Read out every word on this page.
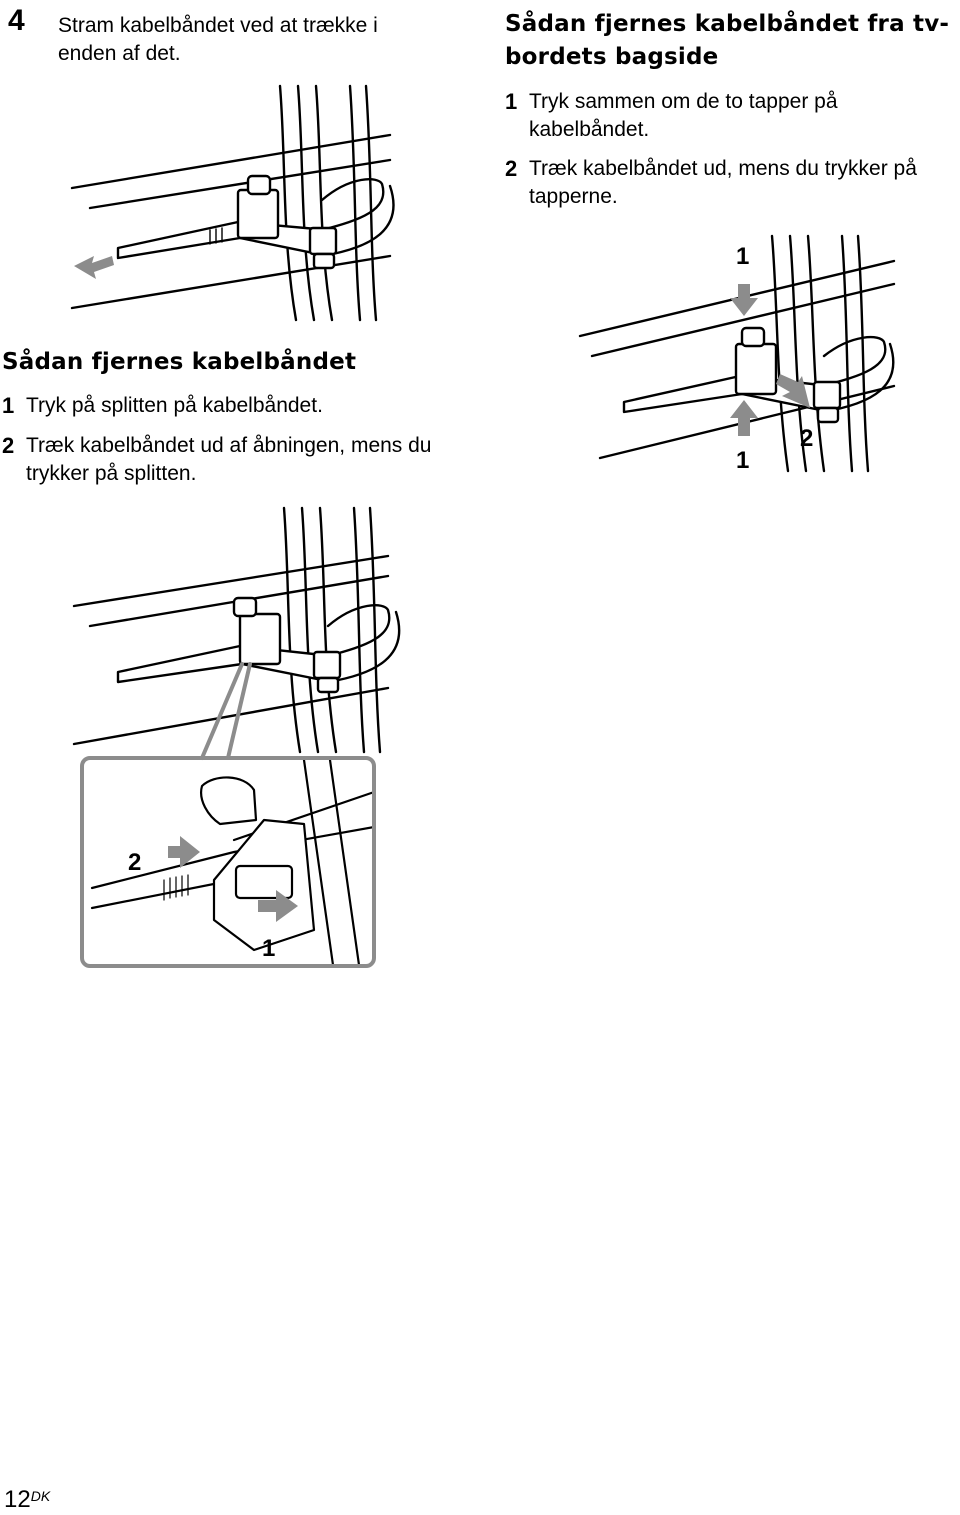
4 Stram kabelbåndet ved at trække i enden af det.
Sådan fjernes kabelbåndet fra tv-bordets bagside
1 Tryk sammen om de to tapper på kabelbåndet.
2 Træk kabelbåndet ud, mens du trykker på tapperne.
Sådan fjernes kabelbåndet
1 Tryk på splitten på kabelbåndet.
2 Træk kabelbåndet ud af åbningen, mens du trykker på splitten.
1
1
2
2
1
12DK
